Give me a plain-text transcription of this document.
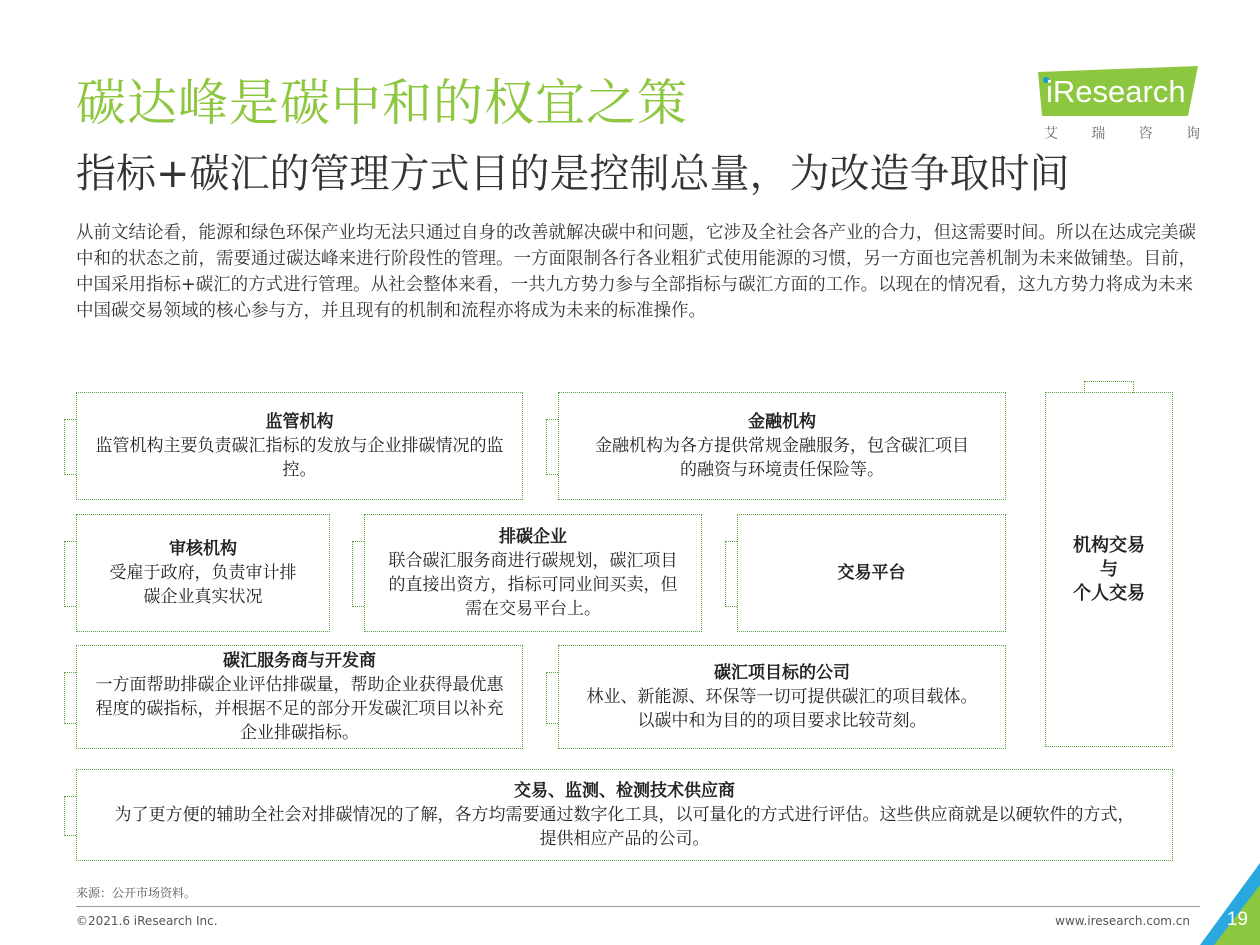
碳达峰是碳中和的权宜之策
指标+碳汇的管理方式目的是控制总量，为改造争取时间
iResearch
艾 瑞 咨 询
从前文结论看，能源和绿色环保产业均无法只通过自身的改善就解决碳中和问题，它涉及全社会各产业的合力，但这需要时间。所以在达成完美碳中和的状态之前，需要通过碳达峰来进行阶段性的管理。一方面限制各行各业粗犷式使用能源的习惯，另一方面也完善机制为未来做铺垫。目前，中国采用指标+碳汇的方式进行管理。从社会整体来看，一共九方势力参与全部指标与碳汇方面的工作。以现在的情况看，这九方势力将成为未来中国碳交易领域的核心参与方，并且现有的机制和流程亦将成为未来的标准操作。
监管机构
监管机构主要负责碳汇指标的发放与企业排碳情况的监控。
金融机构
金融机构为各方提供常规金融服务，包含碳汇项目的融资与环境责任保险等。
审核机构
受雇于政府，负责审计排碳企业真实状况
排碳企业
联合碳汇服务商进行碳规划，碳汇项目的直接出资方，指标可同业间买卖，但需在交易平台上。
交易平台
碳汇服务商与开发商
一方面帮助排碳企业评估排碳量，帮助企业获得最优惠程度的碳指标，并根据不足的部分开发碳汇项目以补充企业排碳指标。
碳汇项目标的公司
林业、新能源、环保等一切可提供碳汇的项目载体。以碳中和为目的的项目要求比较苛刻。
机构交易
与
个人交易
交易、监测、检测技术供应商
为了更方便的辅助全社会对排碳情况的了解，各方均需要通过数字化工具，以可量化的方式进行评估。这些供应商就是以硬软件的方式，提供相应产品的公司。
来源：公开市场资料。
©2021.6 iResearch Inc.	www.iresearch.com.cn 19
